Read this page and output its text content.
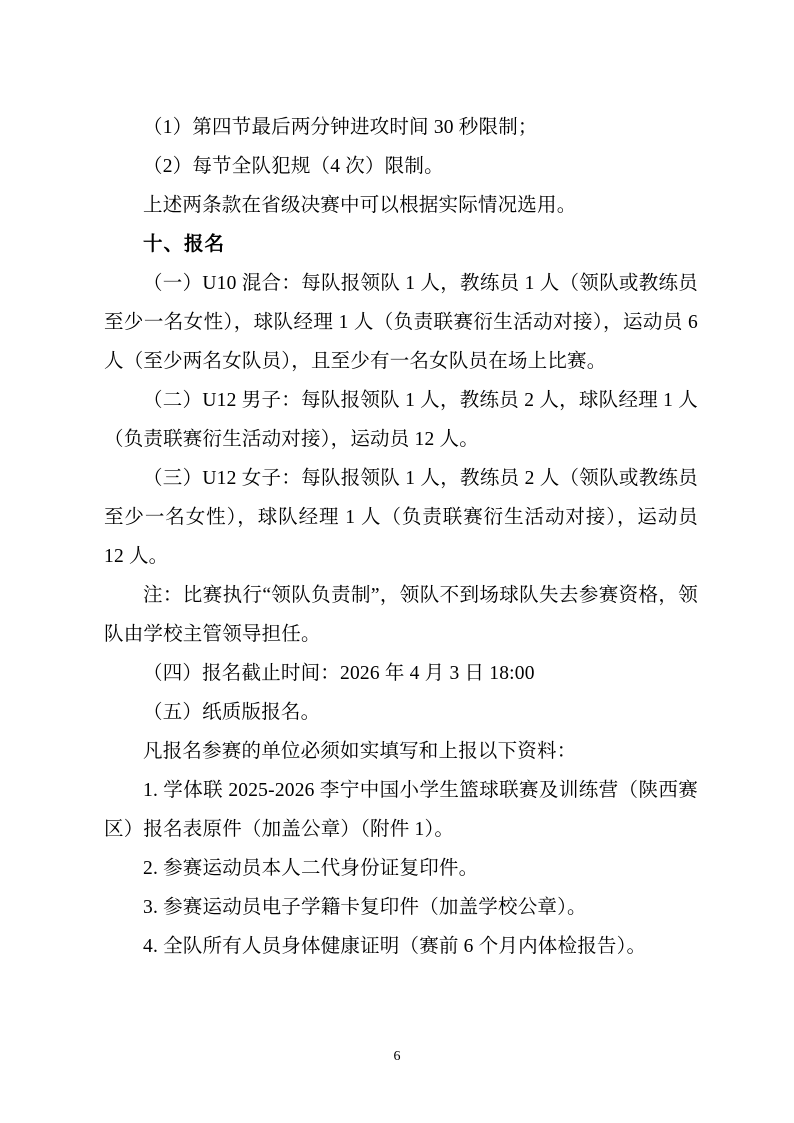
（1）第四节最后两分钟进攻时间 30 秒限制；

（2）每节全队犯规（4 次）限制。

上述两条款在省级决赛中可以根据实际情况选用。

十、报名

（一）U10 混合：每队报领队 1 人，教练员 1 人（领队或教练员至少一名女性），球队经理 1 人（负责联赛衍生活动对接），运动员 6 人（至少两名女队员），且至少有一名女队员在场上比赛。

（二）U12 男子：每队报领队 1 人，教练员 2 人，球队经理 1 人（负责联赛衍生活动对接），运动员 12 人。

（三）U12 女子：每队报领队 1 人，教练员 2 人（领队或教练员至少一名女性），球队经理 1 人（负责联赛衍生活动对接），运动员 12 人。

注：比赛执行“领队负责制”，领队不到场球队失去参赛资格，领队由学校主管领导担任。

（四）报名截止时间：2026 年 4 月 3 日 18:00

（五）纸质版报名。

凡报名参赛的单位必须如实填写和上报以下资料：

1. 学体联 2025-2026 李宁中国小学生篮球联赛及训练营（陕西赛区）报名表原件（加盖公章）（附件 1）。

2. 参赛运动员本人二代身份证复印件。

3. 参赛运动员电子学籍卡复印件（加盖学校公章）。

4. 全队所有人员身体健康证明（赛前 6 个月内体检报告）。

6
